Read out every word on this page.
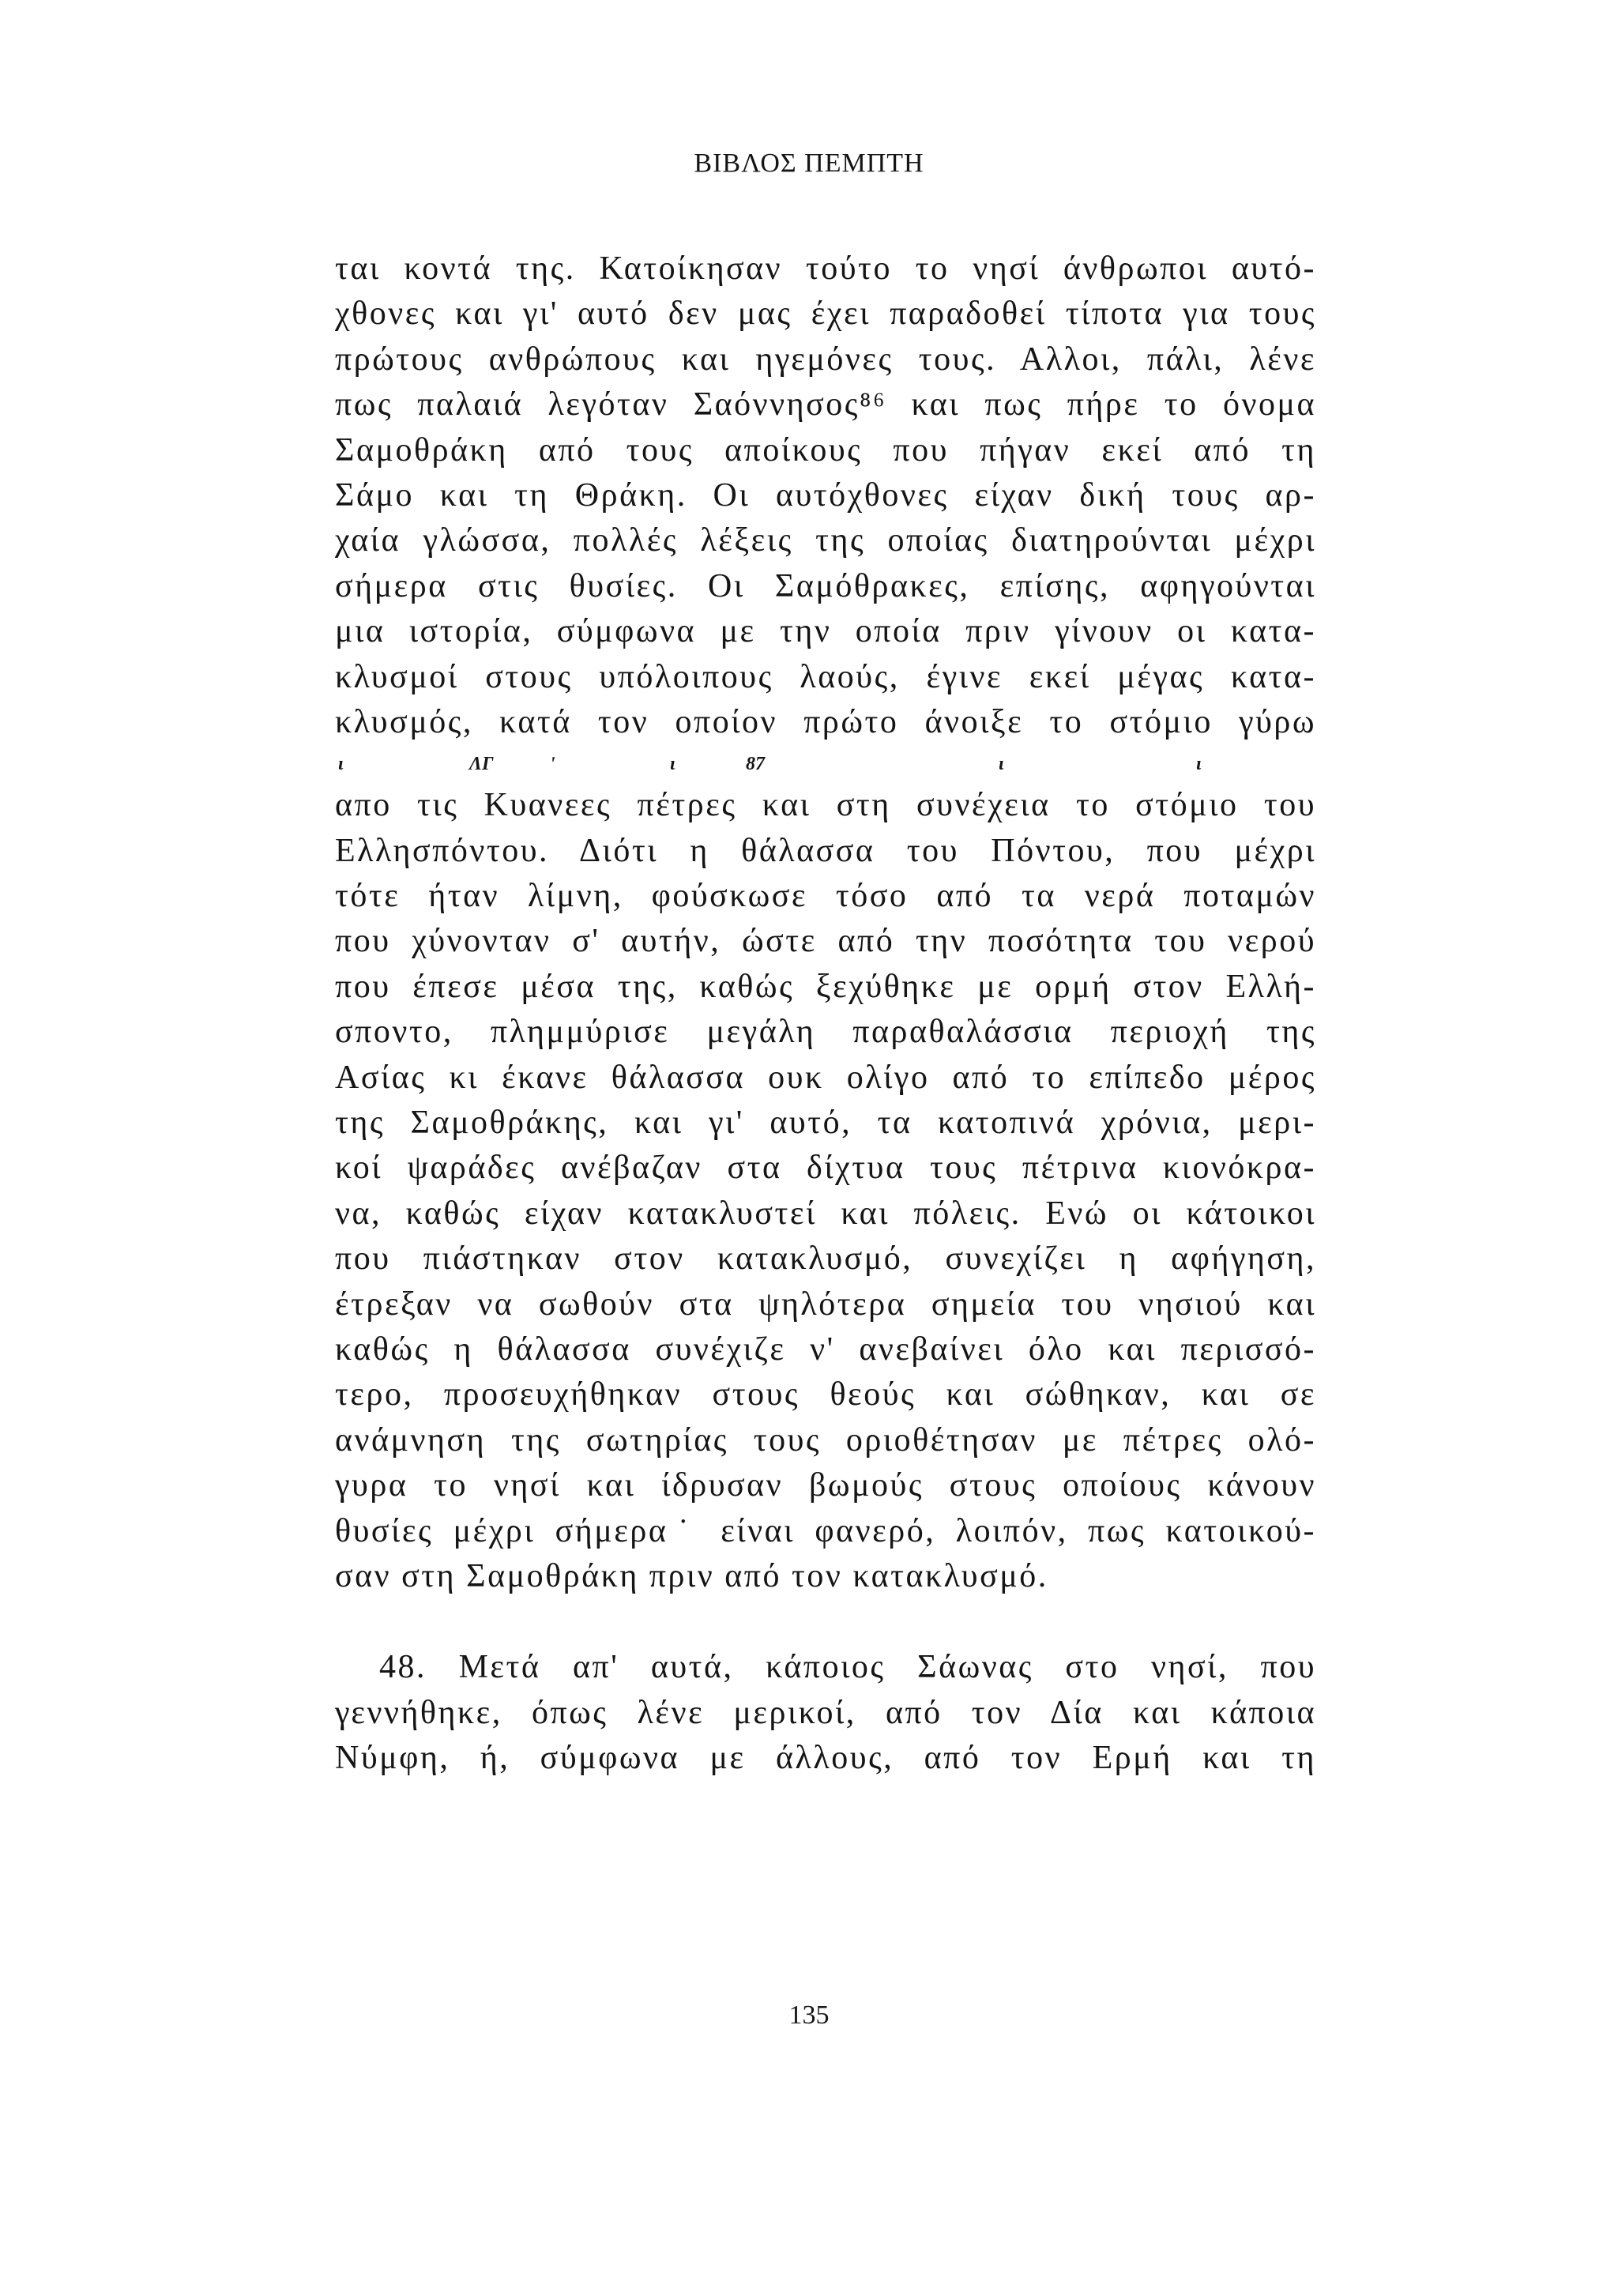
ΒΙΒΛΟΣ ΠΕΜΠΤΗ
ται κοντά της. Κατοίκησαν τούτο το νησί άνθρωποι αυτό-
χθονες και γι' αυτό δεν μας έχει παραδοθεί τίποτα για τους
πρώτους ανθρώπους και ηγεμόνες τους. Αλλοι, πάλι, λένε
πως παλαιά λεγόταν Σαόννησος⁸⁶ και πως πήρε το όνομα
Σαμοθράκη από τους αποίκους που πήγαν εκεί από τη
Σάμο και τη Θράκη. Οι αυτόχθονες είχαν δική τους αρ-
χαία γλώσσα, πολλές λέξεις της οποίας διατηρούνται μέχρι
σήμερα στις θυσίες. Οι Σαμόθρακες, επίσης, αφηγούνται
μια ιστορία, σύμφωνα με την οποία πριν γίνουν οι κατα-
κλυσμοί στους υπόλοιπους λαούς, έγινε εκεί μέγας κατα-
κλυσμός, κατά τον οποίον πρώτο άνοιξε το στόμιο γύρω
ι	ΛΓ	ʹ	ι	87	ι	ι
απο τις Κυανεες πέτρες και στη συνέχεια το στόμιο του
Ελλησπόντου. Διότι η θάλασσα του Πόντου, που μέχρι
τότε ήταν λίμνη, φούσκωσε τόσο από τα νερά ποταμών
που χύνονταν σ' αυτήν, ώστε από την ποσότητα του νερού
που έπεσε μέσα της, καθώς ξεχύθηκε με ορμή στον Ελλή-
σποντο, πλημμύρισε μεγάλη παραθαλάσσια περιοχή της
Ασίας κι έκανε θάλασσα ουκ ολίγο από το επίπεδο μέρος
της Σαμοθράκης, και γι' αυτό, τα κατοπινά χρόνια, μερι-
κοί ψαράδες ανέβαζαν στα δίχτυα τους πέτρινα κιονόκρα-
να, καθώς είχαν κατακλυστεί και πόλεις. Ενώ οι κάτοικοι
που πιάστηκαν στον κατακλυσμό, συνεχίζει η αφήγηση,
έτρεξαν να σωθούν στα ψηλότερα σημεία του νησιού και
καθώς η θάλασσα συνέχιζε ν' ανεβαίνει όλο και περισσό-
τερο, προσευχήθηκαν στους θεούς και σώθηκαν, και σε
ανάμνηση της σωτηρίας τους οριοθέτησαν με πέτρες ολό-
γυρα το νησί και ίδρυσαν βωμούς στους οποίους κάνουν
θυσίες μέχρι σήμερα˙ είναι φανερό, λοιπόν, πως κατοικού-
σαν στη Σαμοθράκη πριν από τον κατακλυσμό.
48. Μετά απ' αυτά, κάποιος Σάωνας στο νησί, που
γεννήθηκε, όπως λένε μερικοί, από τον Δία και κάποια
Νύμφη, ή, σύμφωνα με άλλους, από τον Ερμή και τη
135
